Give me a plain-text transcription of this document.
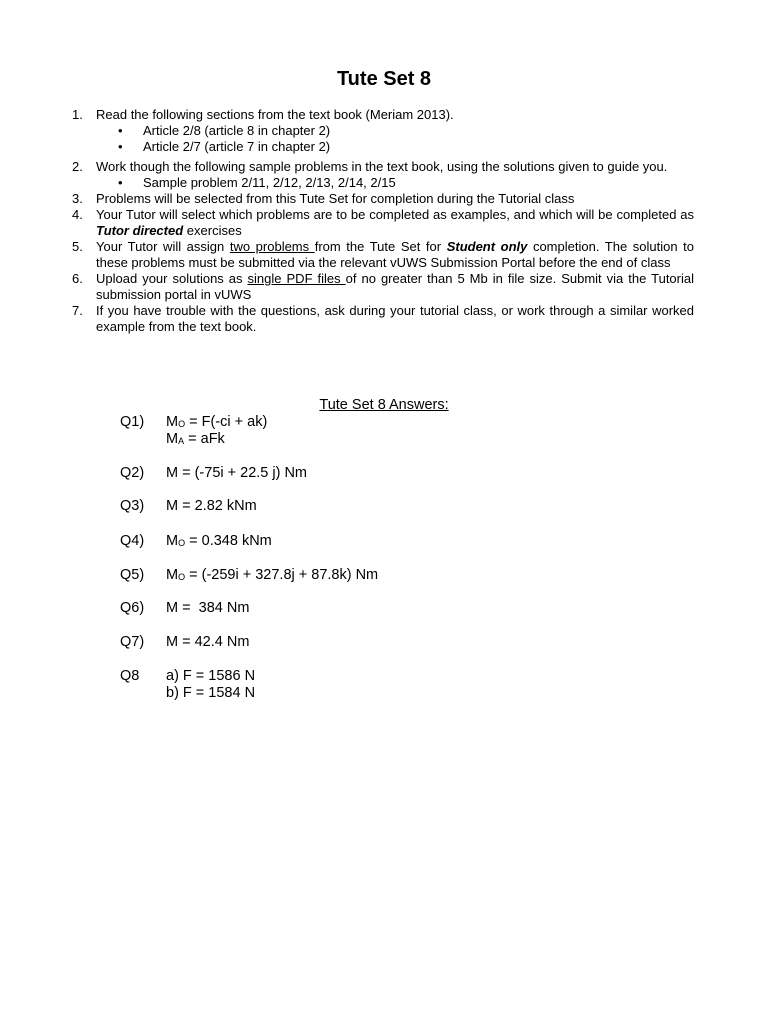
Tute Set 8
1. Read the following sections from the text book (Meriam 2013).
• Article 2/8 (article 8 in chapter 2)
• Article 2/7 (article 7 in chapter 2)
2. Work though the following sample problems in the text book, using the solutions given to guide you.
• Sample problem 2/11, 2/12, 2/13, 2/14, 2/15
3. Problems will be selected from this Tute Set for completion during the Tutorial class
4. Your Tutor will select which problems are to be completed as examples, and which will be completed as Tutor directed exercises
5. Your Tutor will assign two problems from the Tute Set for Student only completion. The solution to these problems must be submitted via the relevant vUWS Submission Portal before the end of class
6. Upload your solutions as single PDF files of no greater than 5 Mb in file size. Submit via the Tutorial submission portal in vUWS
7. If you have trouble with the questions, ask during your tutorial class, or work through a similar worked example from the text book.

Tute Set 8 Answers:

Q1) $M_O = F(-ci + ak)$
$M_A$ = aFk
Q2) M = (-75i + 22.5 j) Nm
Q3) M = 2.82 kNm
Q4) $M_O = 0.348$ kNm
Q5) $M_O = (-259i + 327.8j + 87.8k)$ Nm
Q6) M =  384 Nm
Q7) M = 42.4 Nm
Q8 a) F = 1586 N
b) F = 1584 N
